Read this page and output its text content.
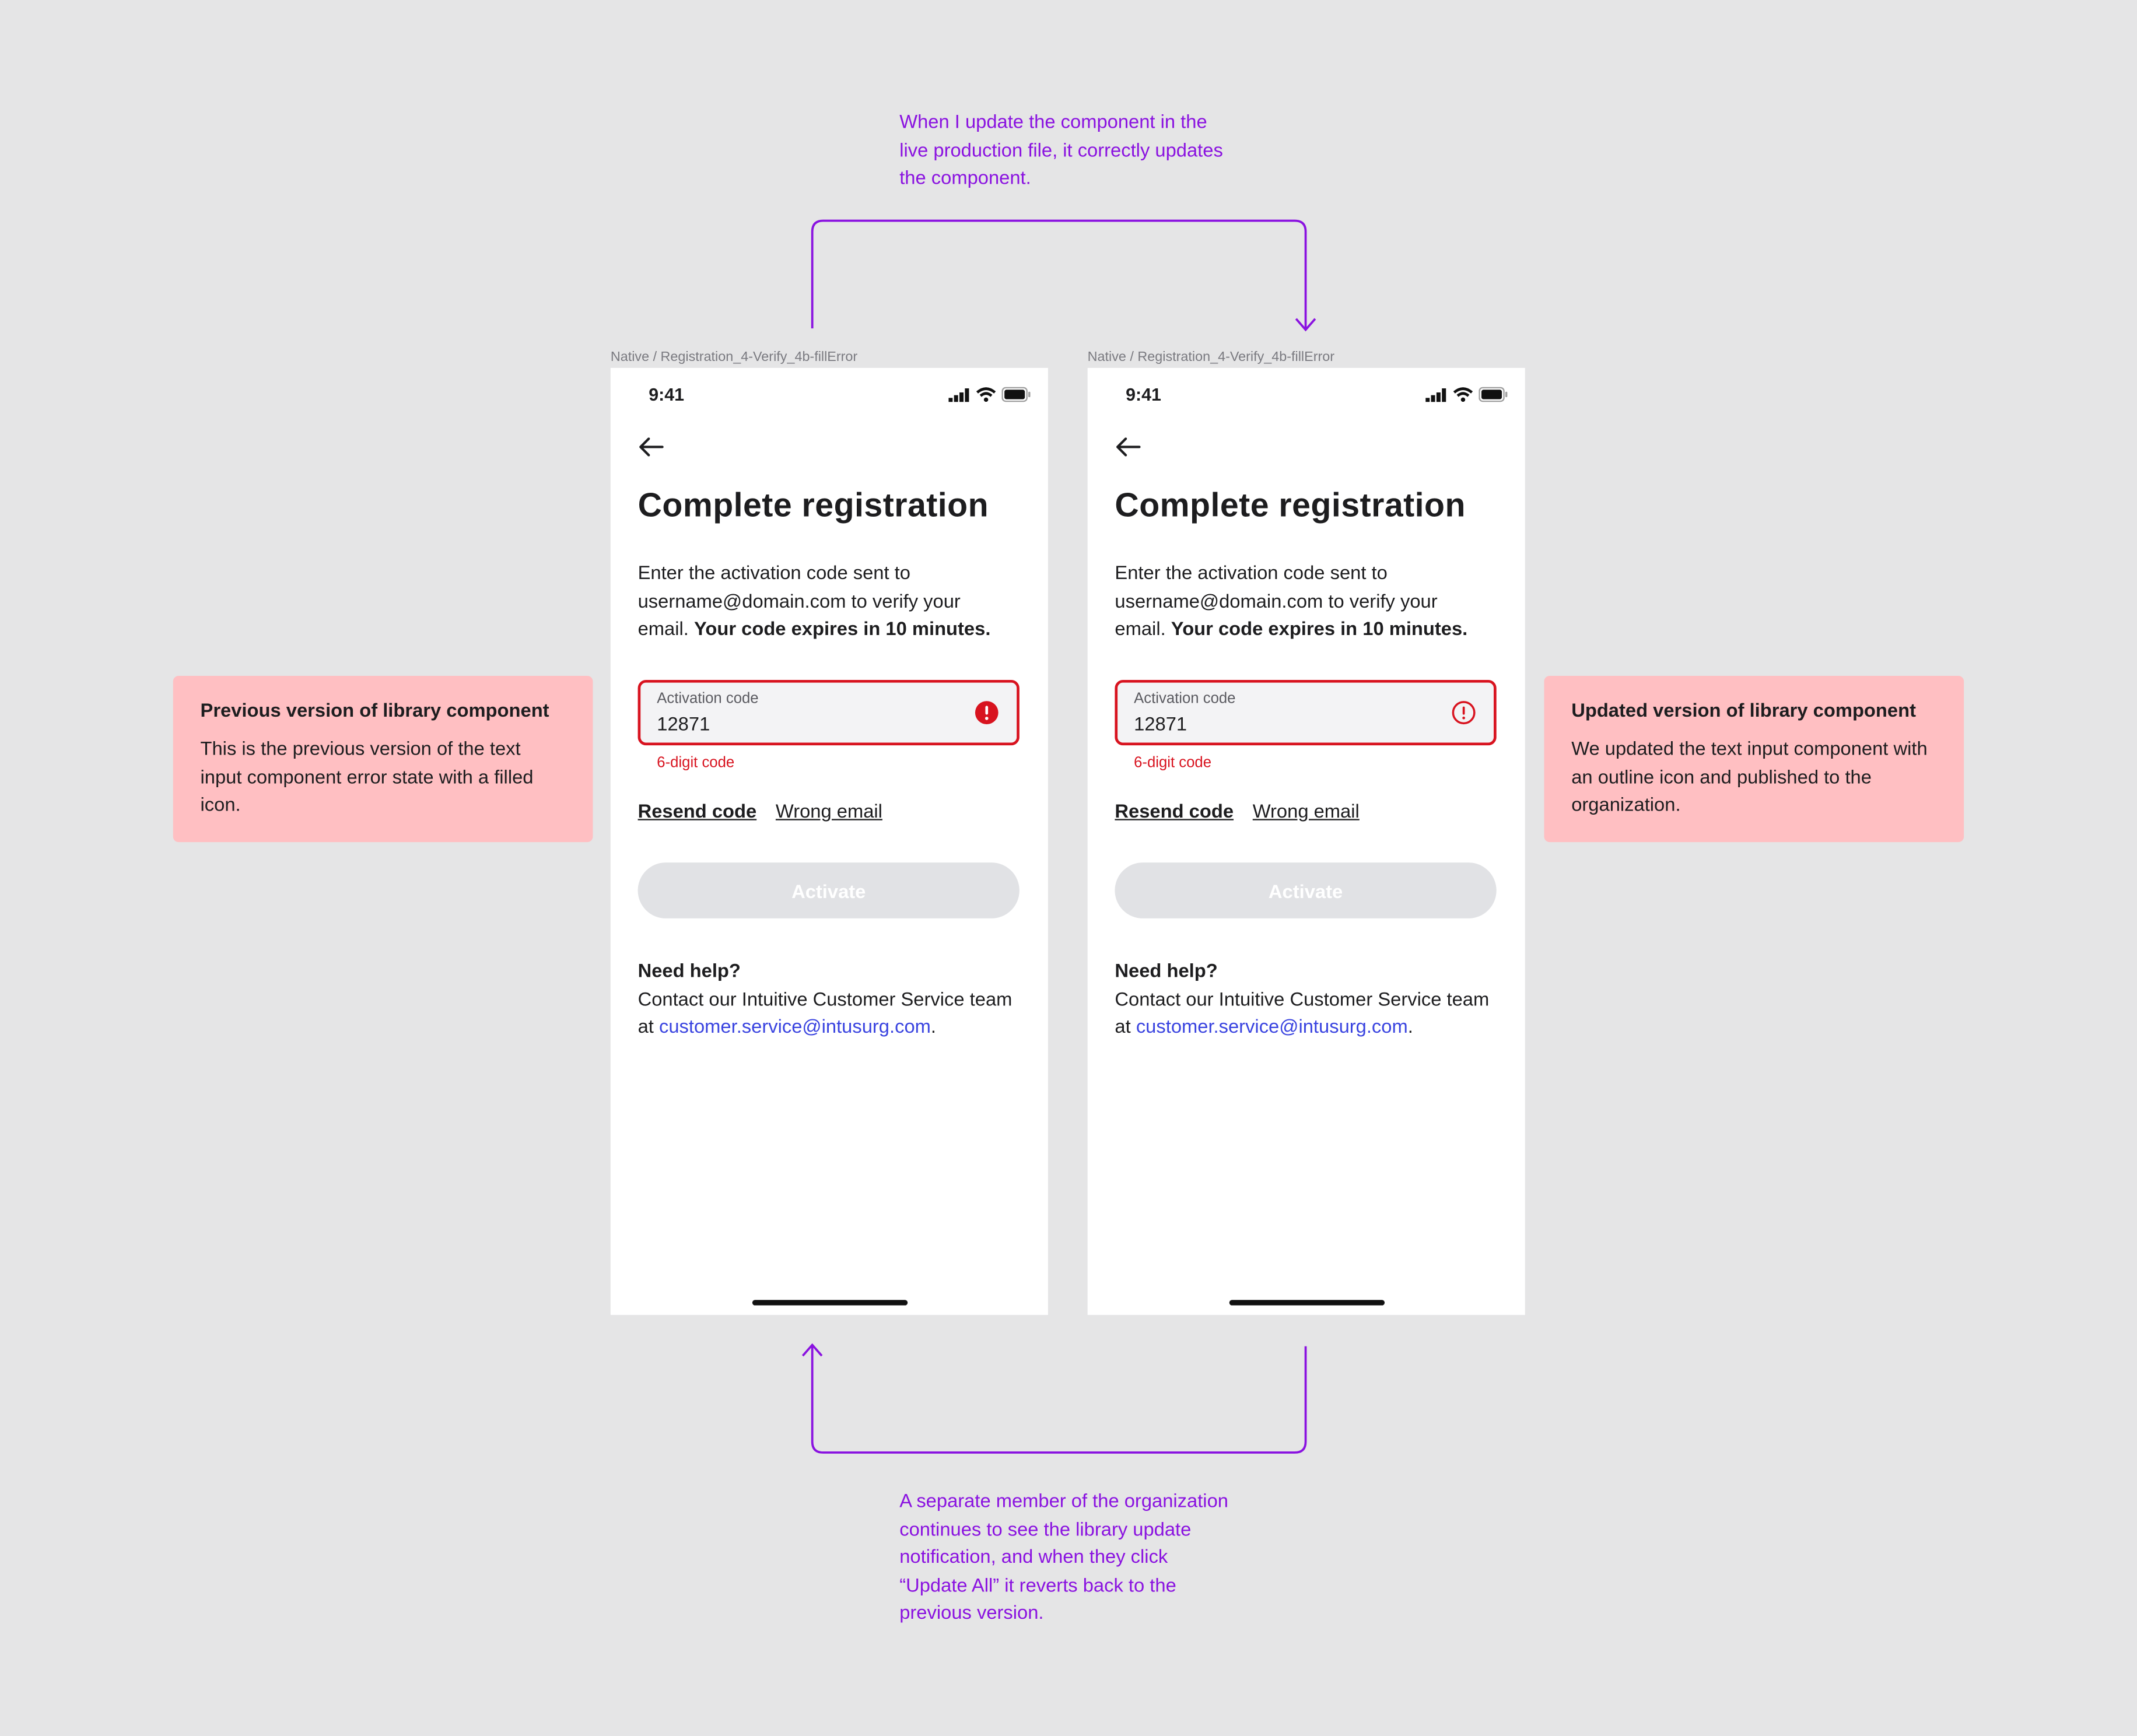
When I update the component in the live production file, it correctly updates the component.
A separate member of the organization continues to see the library update notification, and when they click “Update All” it reverts back to the previous version.
Previous version of library component
This is the previous version of the text input component error state with a filled icon.
Updated version of library component
We updated the text input component with an outline icon and published to the organization.
Native / Registration_4-Verify_4b-fillError
9:41
Complete registration
Enter the activation code sent to username@domain.com to verify your email. Your code expires in 10 minutes.
Activation code
12871
6-digit code
Resend code Wrong email
Activate
Need help?
Contact our Intuitive Customer Service team at customer.service@intusurg.com.
Native / Registration_4-Verify_4b-fillError
9:41
Complete registration
Enter the activation code sent to username@domain.com to verify your email. Your code expires in 10 minutes.
Activation code
12871
6-digit code
Resend code Wrong email
Activate
Need help?
Contact our Intuitive Customer Service team at customer.service@intusurg.com.
